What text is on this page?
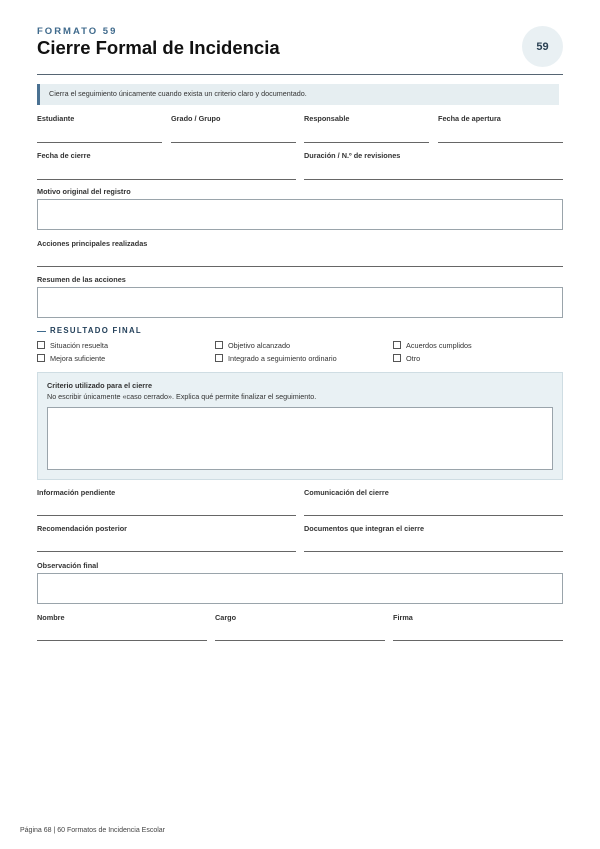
FORMATO 59
Cierre Formal de Incidencia	59
Cierra el seguimiento únicamente cuando exista un criterio claro y documentado.
Estudiante	Grado / Grupo	Responsable	Fecha de apertura
Fecha de cierre	Duración / N.º de revisiones
Motivo original del registro
Acciones principales realizadas
Resumen de las acciones
RESULTADO FINAL
Situación resuelta	Objetivo alcanzado	Acuerdos cumplidos
Mejora suficiente	Integrado a seguimiento ordinario	Otro
Criterio utilizado para el cierre
No escribir únicamente «caso cerrado». Explica qué permite finalizar el seguimiento.
Información pendiente	Comunicación del cierre
Recomendación posterior	Documentos que integran el cierre
Observación final
Nombre	Cargo	Firma
Página 68 | 60 Formatos de Incidencia Escolar
